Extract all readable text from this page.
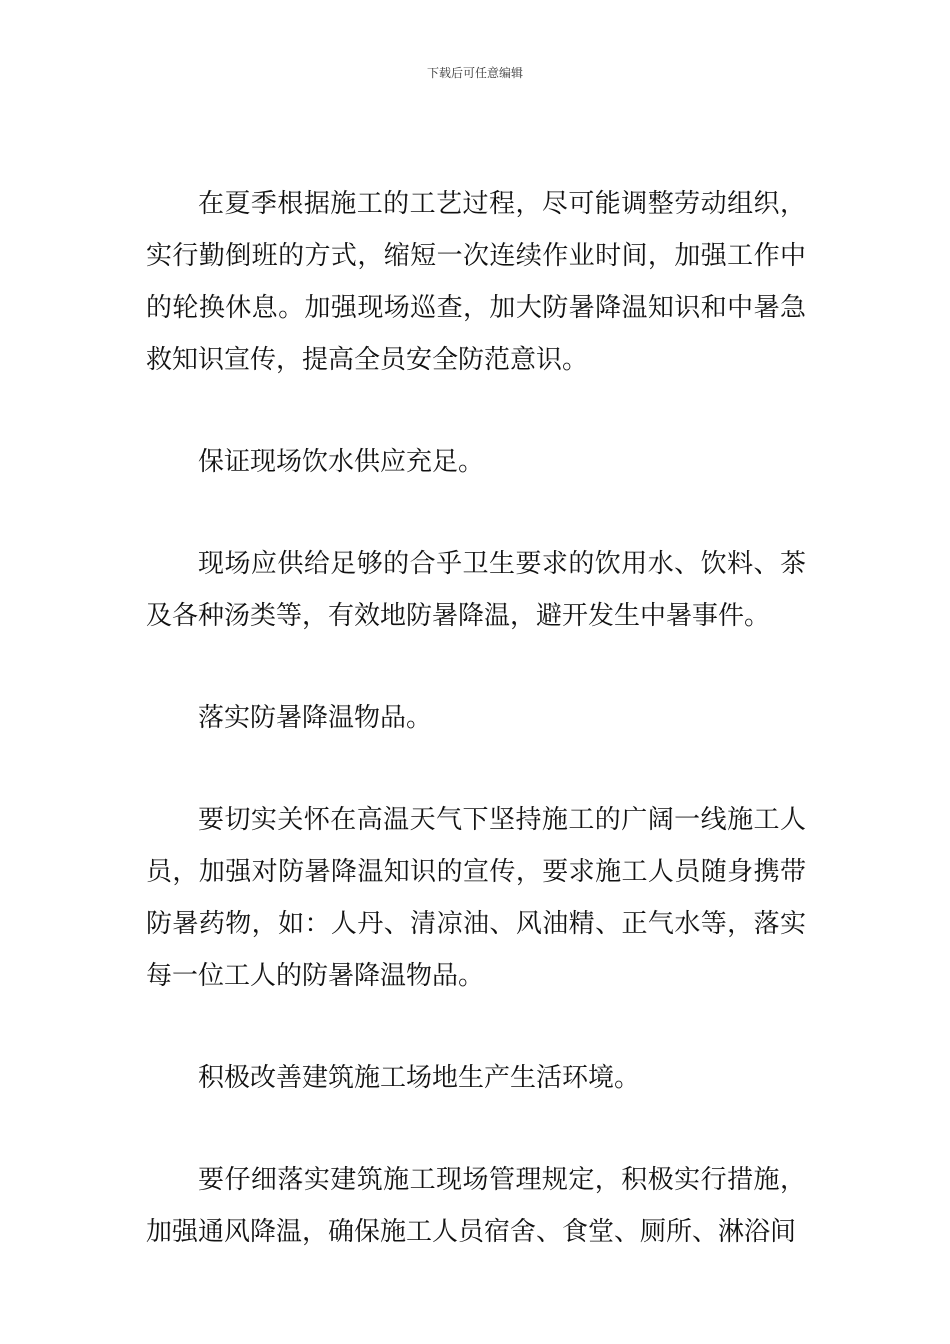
下载后可任意编辑

在夏季根据施工的工艺过程，尽可能调整劳动组织，实行勤倒班的方式，缩短一次连续作业时间，加强工作中的轮换休息。加强现场巡查，加大防暑降温知识和中暑急救知识宣传，提高全员安全防范意识。

保证现场饮水供应充足。

现场应供给足够的合乎卫生要求的饮用水、饮料、茶及各种汤类等，有效地防暑降温，避开发生中暑事件。

落实防暑降温物品。

要切实关怀在高温天气下坚持施工的广阔一线施工人员，加强对防暑降温知识的宣传，要求施工人员随身携带防暑药物，如：人丹、清凉油、风油精、正气水等，落实每一位工人的防暑降温物品。

积极改善建筑施工场地生产生活环境。

要仔细落实建筑施工现场管理规定，积极实行措施，加强通风降温，确保施工人员宿舍、食堂、厕所、淋浴间
